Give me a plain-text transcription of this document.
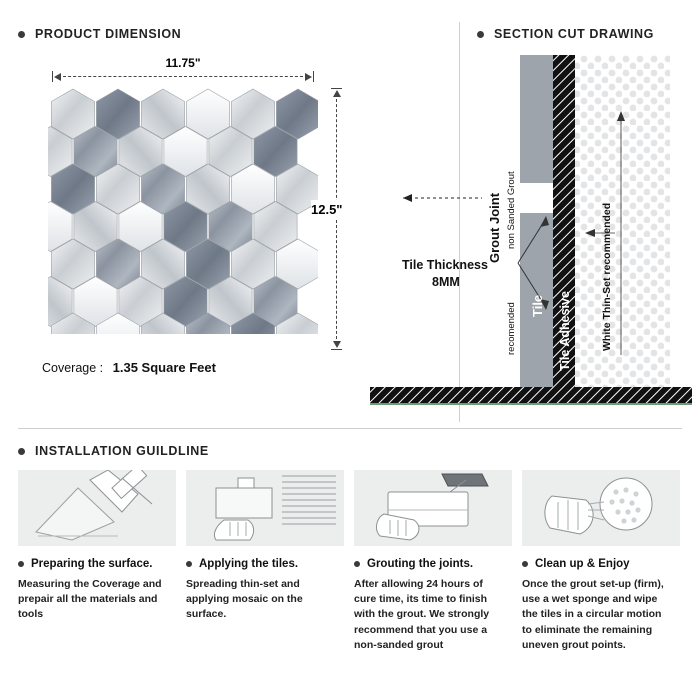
PRODUCT DIMENSION	SECTION CUT DRAWING
INSTALLATION GUILDLINE
11.75"
12.5"
Coverage : 1.35 Square Feet
Grout Joint non Sanded Grout
recomended
Tile Thickness
8MM
Tile Tile Adhesive	White Thin-Set recommended
Preparing the surface.
Measuring the Coverage and prepair all the materials and tools
Applying the tiles.
Spreading thin-set and applying mosaic on the surface.
Grouting the joints.
After allowing 24 hours of cure time, its time to finish with the grout. We strongly recommend that you use a non-sanded grout
Clean up & Enjoy
Once the grout set-up (firm), use a wet sponge and wipe the tiles in a circular motion to eliminate the remaining uneven grout points.
